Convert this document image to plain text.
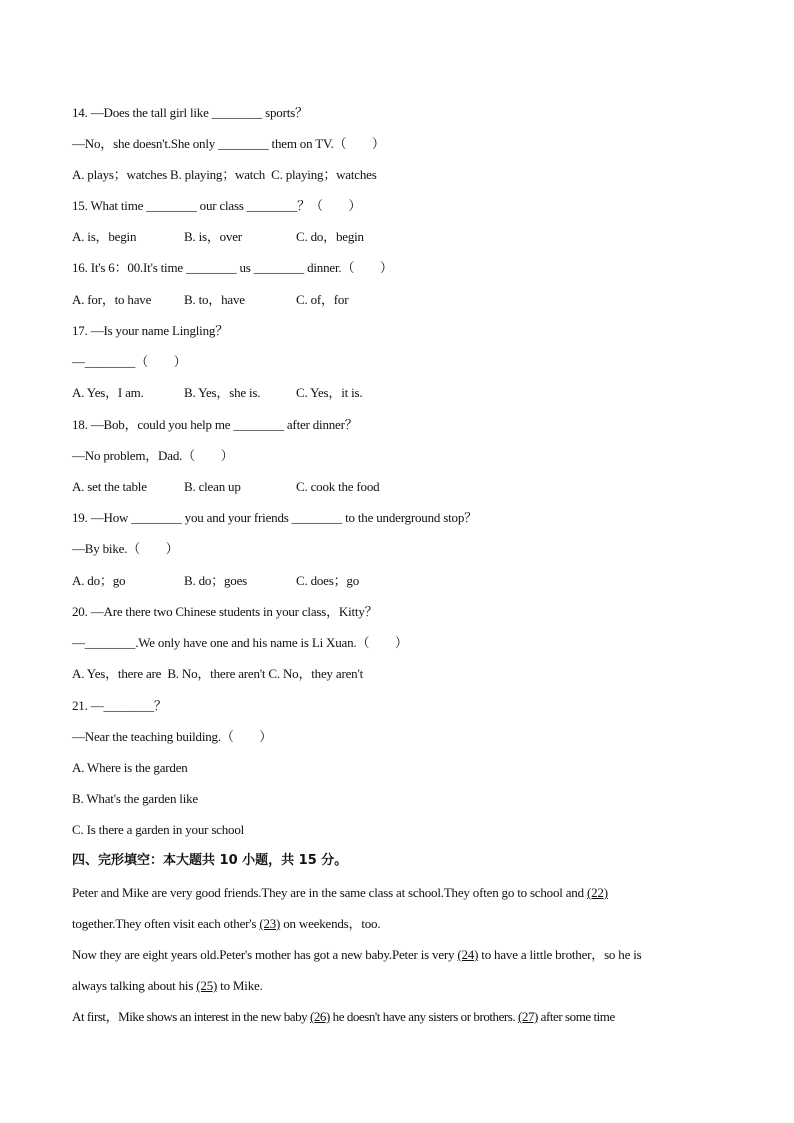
14. —Does the tall girl like ________ sports？
—No，she doesn't.She only ________ them on TV.（　　）
A. plays；watches B. playing；watch  C. playing；watches
15. What time ________ our class ________？（　　）
A. is，begin	B. is，over	C. do，begin
16. It's 6：00.It's time ________ us ________ dinner.（　　）
A. for，to have	B. to，have	C. of，for
17. —Is your name Lingling？
—________（　　）
A. Yes，I am.	B. Yes，she is.	C. Yes，it is.
18. —Bob，could you help me ________ after dinner？
—No problem，Dad.（　　）
A. set the table	B. clean up	C. cook the food
19. —How ________ you and your friends ________ to the underground stop？
—By bike.（　　）
A. do；go	B. do；goes	C. does；go
20. —Are there two Chinese students in your class，Kitty？
—________.We only have one and his name is Li Xuan.（　　）
A. Yes，there are  B. No，there aren't C. No，they aren't
21. —________？
—Near the teaching building.（　　）
A. Where is the garden
B. What's the garden like
C. Is there a garden in your school
四、完形填空：本大题共 10 小题，共 15 分。
Peter and Mike are very good friends.They are in the same class at school.They often go to school and (22)
together.They often visit each other's (23) on weekends，too.
Now they are eight years old.Peter's mother has got a new baby.Peter is very (24) to have a little brother，so he is
always talking about his (25) to Mike.
At first，Mike shows an interest in the new baby (26) he doesn't have any sisters or brothers. (27) after some time
